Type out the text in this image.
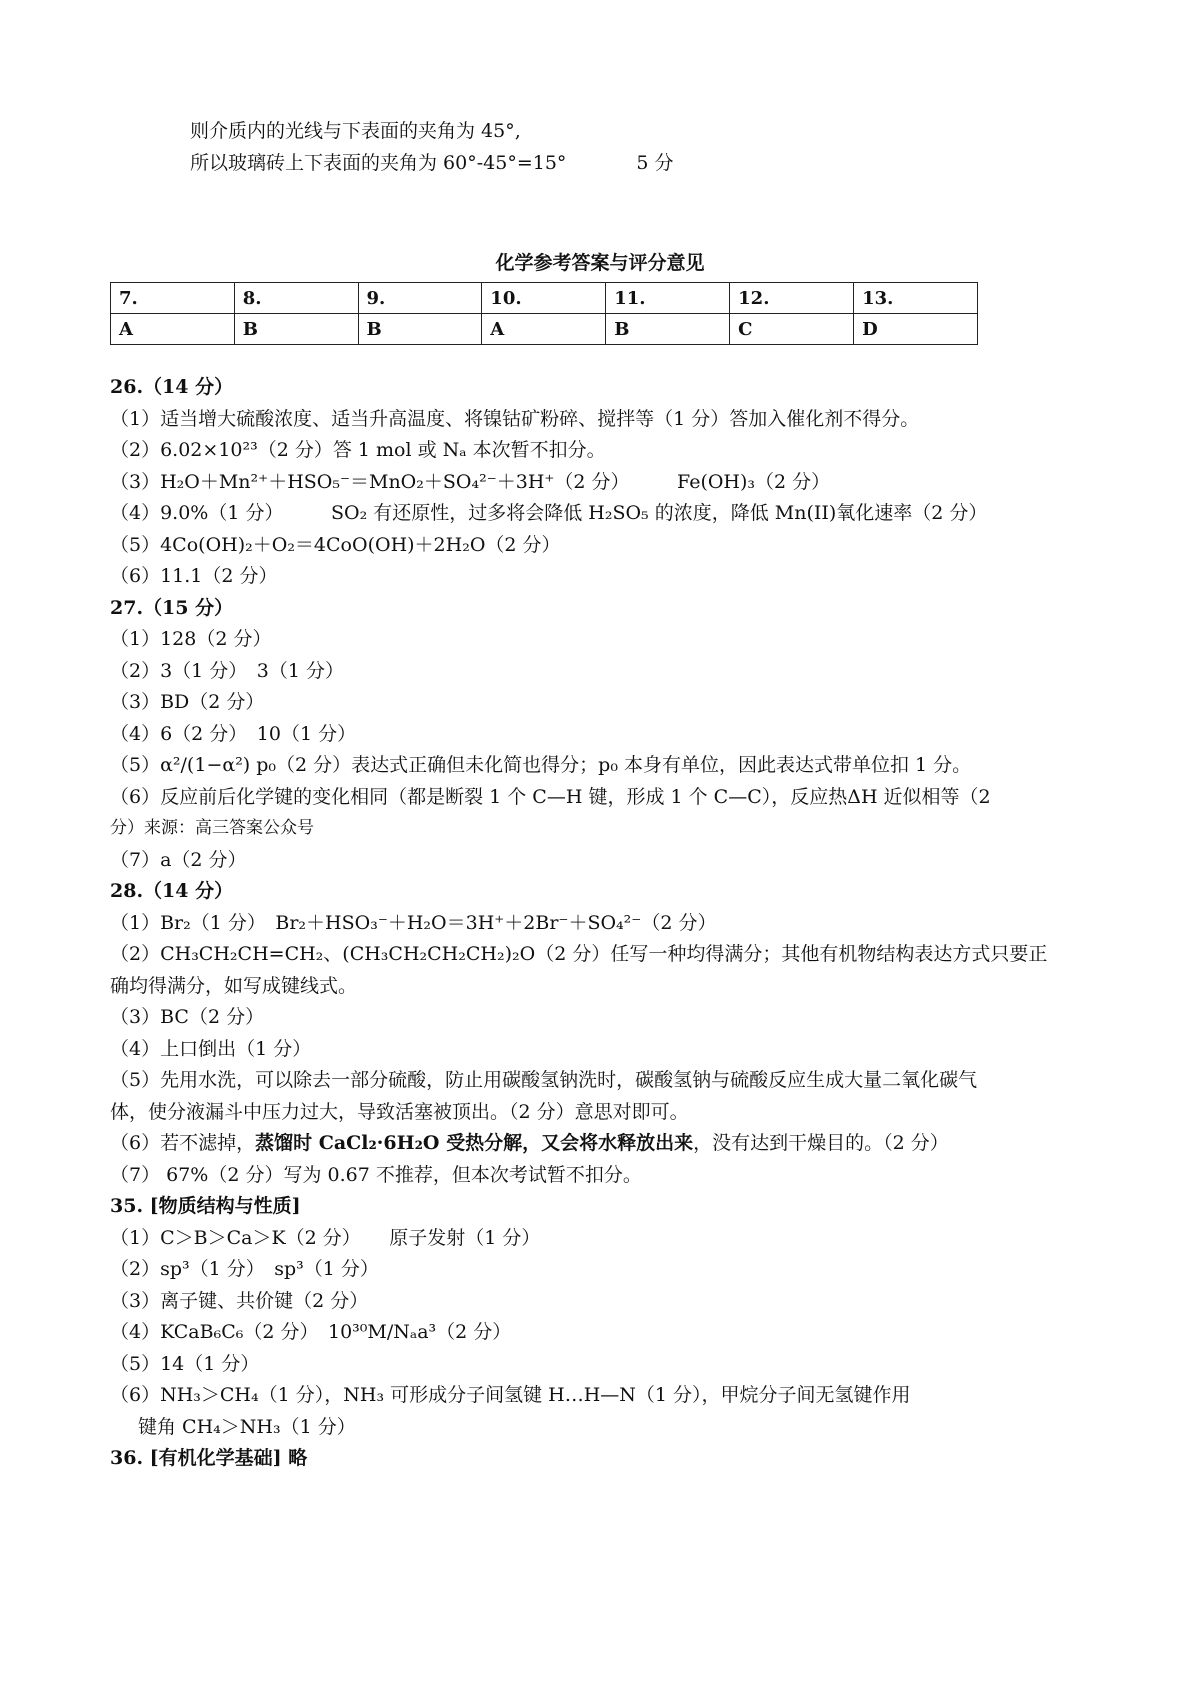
则介质内的光线与下表面的夹角为 45°,
所以玻璃砖上下表面的夹角为 60°-45°=15°	5 分
化学参考答案与评分意见
7.	8.	9.	10.	11.	12.	13.
A	B	B	A	B	C	D
26.（14 分）
（1）适当增大硫酸浓度、适当升高温度、将镍钴矿粉碎、搅拌等（1 分）答加入催化剂不得分。
（2）6.02×10²³（2 分）答 1 mol 或 Nₐ 本次暂不扣分。
（3）H₂O＋Mn²⁺＋HSO₅⁻＝MnO₂＋SO₄²⁻＋3H⁺（2 分）　　　Fe(OH)₃（2 分）
（4）9.0%（1 分）　　　SO₂ 有还原性，过多将会降低 H₂SO₅ 的浓度，降低 Mn(II)氧化速率（2 分）
（5）4Co(OH)₂＋O₂＝4CoO(OH)＋2H₂O（2 分）
（6）11.1（2 分）
27.（15 分）
（1）128（2 分）
（2）3（1 分）　3（1 分）
（3）BD（2 分）
（4）6（2 分）　10（1 分）
（5）α²/(1−α²) p₀（2 分）表达式正确但未化简也得分；p₀ 本身有单位，因此表达式带单位扣 1 分。
（6）反应前后化学键的变化相同（都是断裂 1 个 C—H 键，形成 1 个 C—C），反应热ΔH 近似相等（2
分）来源：高三答案公众号
（7）a（2 分）
28.（14 分）
（1）Br₂（1 分）　Br₂＋HSO₃⁻＋H₂O＝3H⁺＋2Br⁻＋SO₄²⁻（2 分）
（2）CH₃CH₂CH=CH₂、(CH₃CH₂CH₂CH₂)₂O（2 分）任写一种均得满分；其他有机物结构表达方式只要正
确均得满分，如写成键线式。
（3）BC（2 分）
（4）上口倒出（1 分）
（5）先用水洗，可以除去一部分硫酸，防止用碳酸氢钠洗时，碳酸氢钠与硫酸反应生成大量二氧化碳气
体，使分液漏斗中压力过大，导致活塞被顶出。（2 分）意思对即可。
（6）若不滤掉，蒸馏时 CaCl₂·6H₂O 受热分解，又会将水释放出来，没有达到干燥目的。（2 分）
（7） 67%（2 分）写为 0.67 不推荐，但本次考试暂不扣分。
35. [物质结构与性质]
（1）C＞B＞Ca＞K（2 分）　　原子发射（1 分）
（2）sp³（1 分）　sp³（1 分）
（3）离子键、共价键（2 分）
（4）KCaB₆C₆（2 分）　10³⁰M/Nₐa³（2 分）
（5）14（1 分）
（6）NH₃＞CH₄（1 分），NH₃ 可形成分子间氢键 H…H—N（1 分），甲烷分子间无氢键作用
键角 CH₄＞NH₃（1 分）
36. [有机化学基础] 略
